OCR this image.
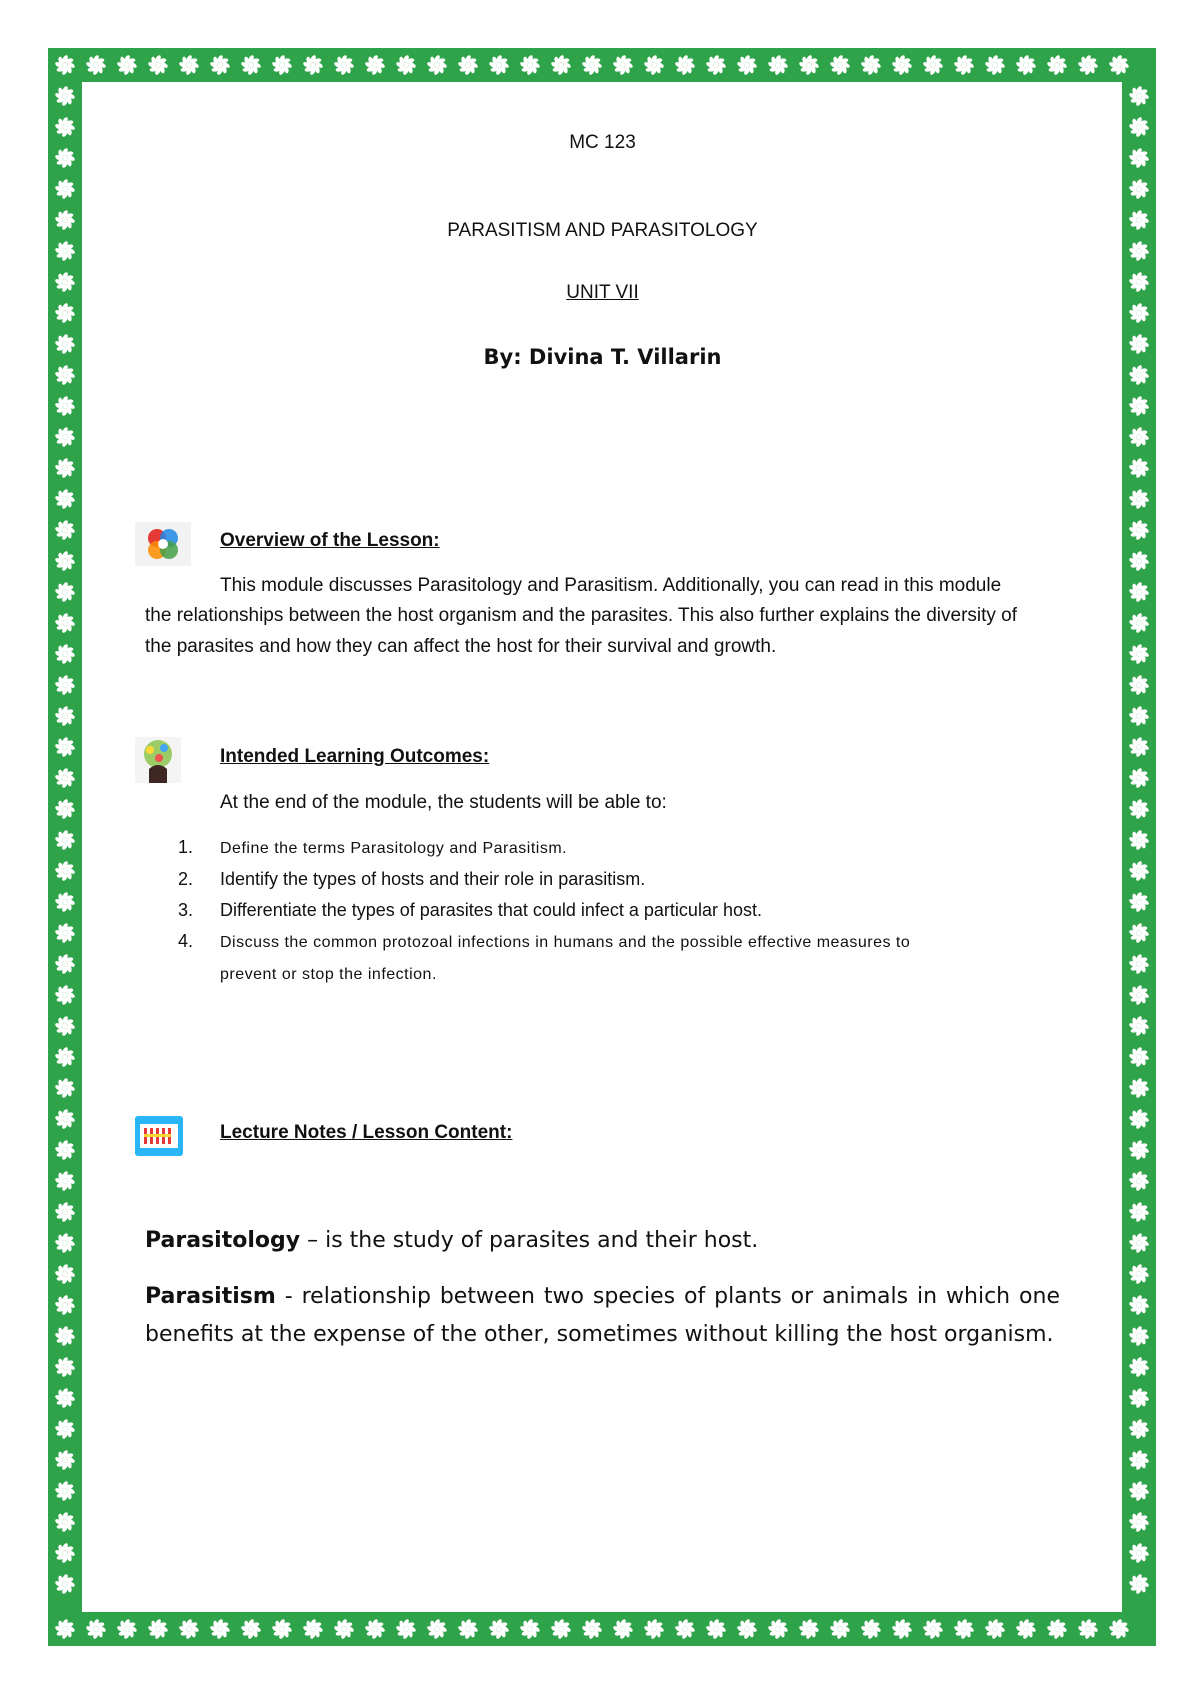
MC 123
PARASITISM AND PARASITOLOGY
UNIT VII
By: Divina T. Villarin
Overview of the Lesson:
This module discusses Parasitology and Parasitism. Additionally, you can read in this module
the relationships between the host organism and the parasites. This also further explains the diversity of
the parasites and how they can affect the host for their survival and growth.
Intended Learning Outcomes:
At the end of the module, the students will be able to:
1. Define the terms Parasitology and Parasitism.
2. Identify the types of hosts and their role in parasitism.
3. Differentiate the types of parasites that could infect a particular host.
4. Discuss the common protozoal infections in humans and the possible effective measures to
prevent or stop the infection.
Lecture Notes / Lesson Content:
Parasitology – is the study of parasites and their host.
Parasitism - relationship between two species of plants or animals in which one benefits at the expense of the other, sometimes without killing the host organism.
